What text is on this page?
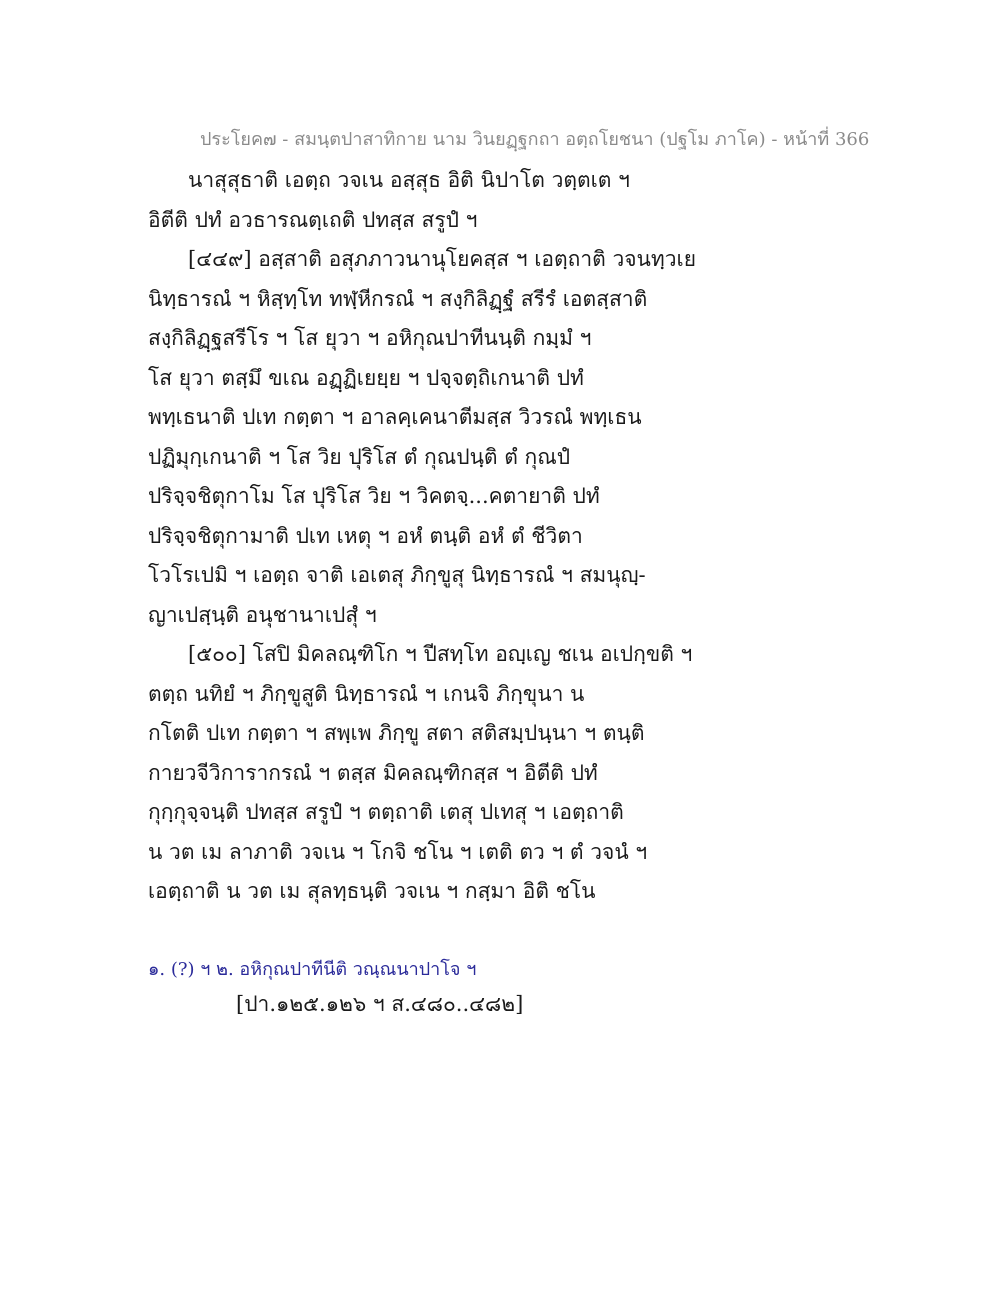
ประโยค๗ - สมนฺตปาสาทิกาย นาม วินยฏฺฐกถา อตฺถโยชนา (ปฐโม ภาโค) - หน้าที่ 366
นาสุสุธาติ เอตฺถ วจเน อสฺสุธ อิติ นิปาโต วตฺตเต ฯ
อิตีติ ปทํ อวธารณตฺเถติ ปทสฺส สรูปํ ฯ
[๔๔๙] อสฺสาติ อสุภภาวนานุโยคสฺส ฯ เอตฺถาติ วจนทฺวเย
นิทฺธารณํ ฯ หิสฺทฺโท ทฬฺหีกรณํ ฯ สงฺกิลิฏฺฐํ สรีรํ เอตสฺสาติ
สงฺกิลิฏฺฐสรีโร ฯ โส ยุวา ฯ อหิกุณปาทีนนฺติ กมฺมํ ฯ
โส ยุวา ตสฺมึ ขเณ อฏฺฏิเยยฺย ฯ ปจฺจตฺถิเกนาติ ปทํ
พทฺเธนาติ ปเท กตฺตา ฯ อาลคฺเคนาตีมสฺส วิวรณํ พทฺเธน
ปฏิมุกฺเกนาติ ฯ โส วิย ปุริโส ตํ กุณปนฺติ ตํ กุณปํ
ปริจฺจชิตุกาโม โส ปุริโส วิย ฯ วิคตจฺ...คตายาติ ปทํ
ปริจฺจชิตุกามาติ ปเท เหตุ ฯ อหํ ตนฺติ อหํ ตํ ชีวิตา
โวโรเปมิ ฯ เอตฺถ จาติ เอเตสุ ภิกฺขูสุ นิทฺธารณํ ฯ สมนุญฺ-
ญาเปสฺนฺติ อนุชานาเปสุํ ฯ
[๕๐๐] โสปิ มิคลณฺฑิโก ฯ ปีสทฺโท อญฺเญ ชเน อเปกฺขติ ฯ
ตตฺถ นทิยํ ฯ ภิกฺขูสูติ นิทฺธารณํ ฯ เกนจิ ภิกฺขุนา น
กโตติ ปเท กตฺตา ฯ สพฺเพ ภิกฺขู สตา สติสมฺปนฺนา ฯ ตนฺติ
กายวจีวิการากรณํ ฯ ตสฺส มิคลณฺฑิกสฺส ฯ อิตีติ ปทํ
กุกฺกุจฺจนฺติ ปทสฺส สรูปํ ฯ ตตฺถาติ เตสุ ปเทสุ ฯ เอตฺถาติ
น วต เม ลาภาติ วจเน ฯ โกจิ ชโน ฯ เตติ ตว ฯ ตํ วจนํ ฯ
เอตฺถาติ น วต เม สุลทฺธนฺติ วจเน ฯ กสฺมา อิติ ชโน
๑. (?) ฯ ๒. อหิกุณปาทีนีติ วณฺณนาปาโจ ฯ
[ปา.๑๒๕.๑๒๖ ฯ ส.๔๘๐..๔๘๒]
